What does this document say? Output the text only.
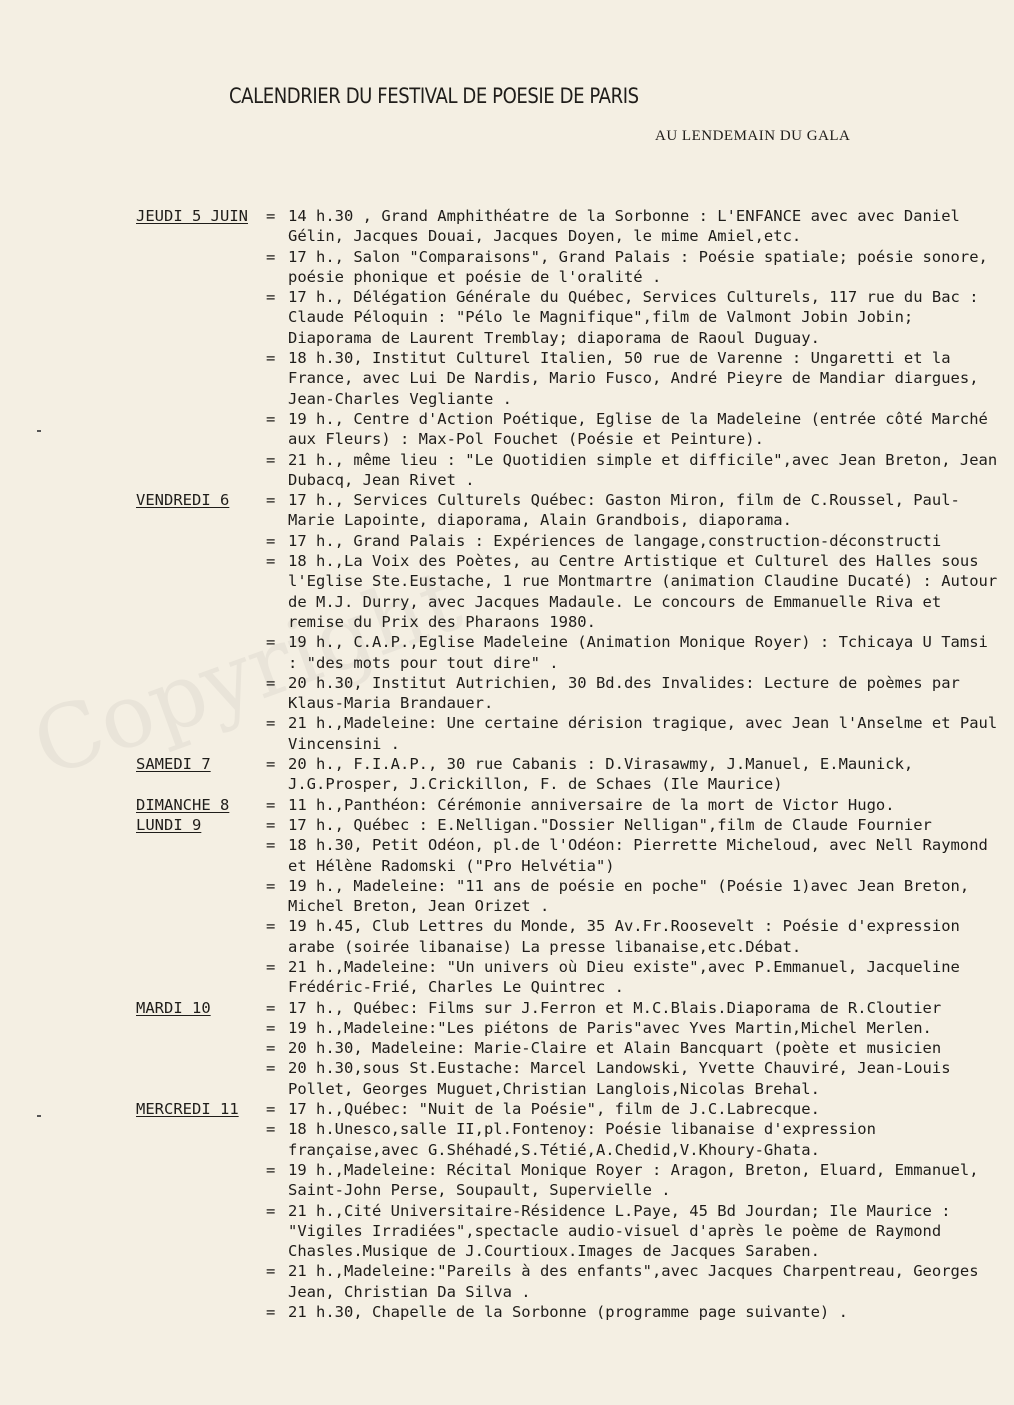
CALENDRIER DU FESTIVAL DE POESIE DE PARIS
AU LENDEMAIN DU GALA
JEUDI 5 JUIN	= 14 h.30 , Grand Amphithéatre de la Sorbonne : L'ENFANCE avec avec Daniel Gélin, Jacques Douai, Jacques Doyen, le mime Amiel,etc.
= 17 h., Salon "Comparaisons", Grand Palais : Poésie spatiale; poésie sonore, poésie phonique et poésie de l'oralité .
= 17 h., Délégation Générale du Québec, Services Culturels, 117 rue du Bac : Claude Péloquin : "Pélo le Magnifique",film de Valmont Jobin Jobin; Diaporama de Laurent Tremblay; diaporama de Raoul Duguay.
= 18 h.30, Institut Culturel Italien, 50 rue de Varenne : Ungaretti et la France, avec Lui De Nardis, Mario Fusco, André Pieyre de Mandiar diargues, Jean-Charles Vegliante .
= 19 h., Centre d'Action Poétique, Eglise de la Madeleine (entrée côté Marché aux Fleurs) : Max-Pol Fouchet (Poésie et Peinture).
= 21 h., même lieu : "Le Quotidien simple et difficile",avec Jean Breton, Jean Dubacq, Jean Rivet .
VENDREDI 6	= 17 h., Services Culturels Québec: Gaston Miron, film de C.Roussel, Paul-Marie Lapointe, diaporama, Alain Grandbois, diaporama.
= 17 h., Grand Palais : Expériences de langage,construction-déconstructi
= 18 h.,La Voix des Poètes, au Centre Artistique et Culturel des Halles sous l'Eglise Ste.Eustache, 1 rue Montmartre (animation Claudine Ducaté) : Autour de M.J. Durry, avec Jacques Madaule. Le concours de Emmanuelle Riva et remise du Prix des Pharaons 1980.
= 19 h., C.A.P.,Eglise Madeleine (Animation Monique Royer) : Tchicaya U Tamsi : "des mots pour tout dire" .
= 20 h.30, Institut Autrichien, 30 Bd.des Invalides: Lecture de poèmes par Klaus-Maria Brandauer.
= 21 h.,Madeleine: Une certaine dérision tragique, avec Jean l'Anselme et Paul Vincensini .
SAMEDI 7	= 20 h., F.I.A.P., 30 rue Cabanis : D.Virasawmy, J.Manuel, E.Maunick, J.G.Prosper, J.Crickillon, F. de Schaes (Ile Maurice)
DIMANCHE 8	= 11 h.,Panthéon: Cérémonie anniversaire de la mort de Victor Hugo.
LUNDI 9	= 17 h., Québec : E.Nelligan."Dossier Nelligan",film de Claude Fournier
= 18 h.30, Petit Odéon, pl.de l'Odéon: Pierrette Micheloud, avec Nell Raymond et Hélène Radomski ("Pro Helvétia")
= 19 h., Madeleine: "11 ans de poésie en poche" (Poésie 1)avec Jean Breton, Michel Breton, Jean Orizet .
= 19 h.45, Club Lettres du Monde, 35 Av.Fr.Roosevelt : Poésie d'expression arabe (soirée libanaise) La presse libanaise,etc.Débat.
= 21 h.,Madeleine: "Un univers où Dieu existe",avec P.Emmanuel, Jacqueline Frédéric-Frié, Charles Le Quintrec .
MARDI 10	= 17 h., Québec: Films sur J.Ferron et M.C.Blais.Diaporama de R.Cloutier
= 19 h.,Madeleine:"Les piétons de Paris"avec Yves Martin,Michel Merlen.
= 20 h.30, Madeleine: Marie-Claire et Alain Bancquart (poète et musicien
= 20 h.30,sous St.Eustache: Marcel Landowski, Yvette Chauviré, Jean-Louis Pollet, Georges Muguet,Christian Langlois,Nicolas Brehal.
MERCREDI 11	= 17 h.,Québec: "Nuit de la Poésie", film de J.C.Labrecque.
= 18 h.Unesco,salle II,pl.Fontenoy: Poésie libanaise d'expression française,avec G.Shéhadé,S.Tétié,A.Chedid,V.Khoury-Ghata.
= 19 h.,Madeleine: Récital Monique Royer : Aragon, Breton, Eluard, Emmanuel, Saint-John Perse, Soupault, Supervielle .
= 21 h.,Cité Universitaire-Résidence L.Paye, 45 Bd Jourdan; Ile Maurice : "Vigiles Irradiées",spectacle audio-visuel d'après le poème de Raymond Chasles.Musique de J.Courtioux.Images de Jacques Saraben.
= 21 h.,Madeleine:"Pareils à des enfants",avec Jacques Charpentreau, Georges Jean, Christian Da Silva .
= 21 h.30, Chapelle de la Sorbonne (programme page suivante) .
